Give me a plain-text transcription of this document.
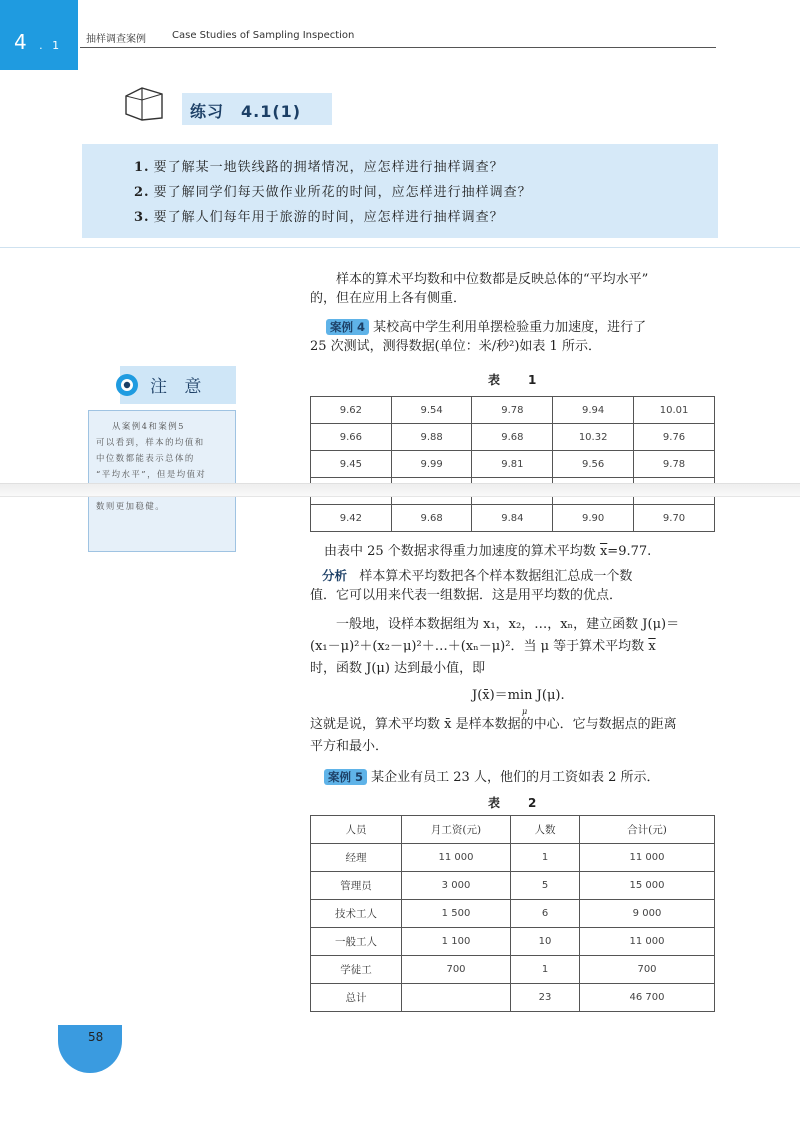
4 . 1 抽样调查案例	Case Studies of Sampling Inspection
练习　4.1(1)
1. 要了解某一地铁线路的拥堵情况，应怎样进行抽样调查？
2. 要了解同学们每天做作业所花的时间，应怎样进行抽样调查？
3. 要了解人们每年用于旅游的时间，应怎样进行抽样调查？
注 意
从案例4和案例5
可以看到，样本的均值和
中位数都能表示总体的
“平均水平”，但是均值对
数则更加稳健。
样本的算术平均数和中位数都是反映总体的“平均水平”
的，但在应用上各有侧重．
案例 4 某校高中学生利用单摆检验重力加速度，进行了
25 次测试，测得数据(单位：米/秒²)如表 1 所示．
表　1
9.62	9.54	9.78	9.94	10.01
9.66	9.88	9.68	10.32	9.76
9.45	9.99	9.81	9.56	9.78

9.42	9.68	9.84	9.90	9.70
由表中 25 个数据求得重力加速度的算术平均数 $\overline{x}=9.77$.
分析 样本算术平均数把各个样本数据组汇总成一个数
值．它可以用来代表一组数据．这是用平均数的优点．
一般地，设样本数据组为 x₁，x₂，…，xₙ，建立函数 J(μ)＝
(x₁－μ)²＋(x₂－μ)²＋…＋(xₙ－μ)²．当 μ 等于算术平均数 $\overline{x}$
时，函数 J(μ) 达到最小值，即
J(x̄)＝min J(μ).
μ
这就是说，算术平均数 x̄ 是样本数据的中心．它与数据点的距离
平方和最小．
案例 5 某企业有员工 23 人，他们的月工资如表 2 所示．
表　2
人员	月工资(元)	人数	合计(元)
经理	11 000	1	11 000
管理员	3 000	5	15 000
技术工人	1 500	6	9 000
一般工人	1 100	10	11 000
学徒工	700	1	700
总计		23	46 700
58
